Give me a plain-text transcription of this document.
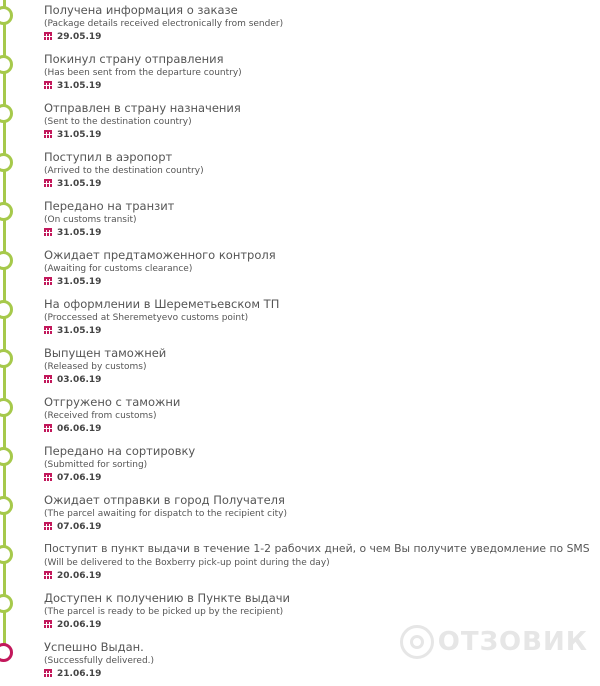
Получена информация о заказе
(Package details received electronically from sender)
29.05.19
Покинул страну отправления
(Has been sent from the departure country)
31.05.19
Отправлен в страну назначения
(Sent to the destination country)
31.05.19
Поступил в аэропорт
(Arrived to the destination country)
31.05.19
Передано на транзит
(On customs transit)
31.05.19
Ожидает предтаможенного контроля
(Awaiting for customs clearance)
31.05.19
На оформлении в Шереметьевском ТП
(Proccessed at Sheremetyevo customs point)
31.05.19
Выпущен таможней
(Released by customs)
03.06.19
Отгружено с таможни
(Received from customs)
06.06.19
Передано на сортировку
(Submitted for sorting)
07.06.19
Ожидает отправки в город Получателя
(The parcel awaiting for dispatch to the recipient city)
07.06.19
Поступит в пункт выдачи в течение 1-2 рабочих дней, о чем Вы получите уведомление по SMS
(Will be delivered to the Boxberry pick-up point during the day)
20.06.19
Доступен к получению в Пункте выдачи
(The parcel is ready to be picked up by the recipient)
20.06.19
Успешно Выдан.
(Successfully delivered.)
21.06.19
ОТЗОВИК
